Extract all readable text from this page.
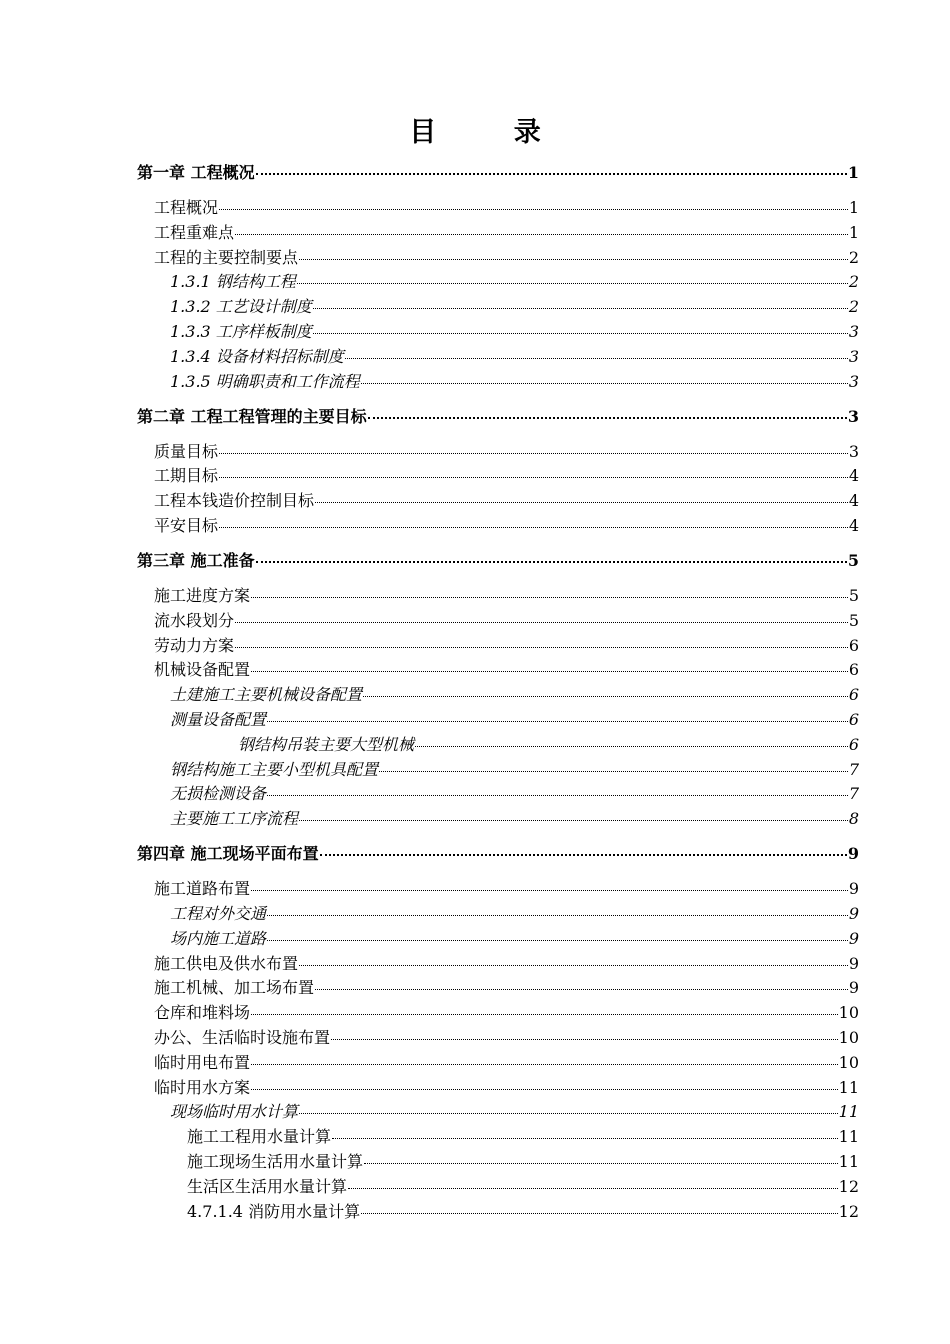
目 录
第一章 工程概况	1
工程概况	1
工程重难点	1
工程的主要控制要点	2
1.3.1 钢结构工程	2
1.3.2 工艺设计制度	2
1.3.3 工序样板制度	3
1.3.4 设备材料招标制度	3
1.3.5 明确职责和工作流程	3
第二章 工程工程管理的主要目标	3
质量目标	3
工期目标	4
工程本钱造价控制目标	4
平安目标	4
第三章 施工准备	5
施工进度方案	5
流水段划分	5
劳动力方案	6
机械设备配置	6
土建施工主要机械设备配置	6
测量设备配置	6
钢结构吊装主要大型机械	6
钢结构施工主要小型机具配置	7
无损检测设备	7
主要施工工序流程	8
第四章 施工现场平面布置	9
施工道路布置	9
工程对外交通	9
场内施工道路	9
施工供电及供水布置	9
施工机械、加工场布置	9
仓库和堆料场	10
办公、生活临时设施布置	10
临时用电布置	10
临时用水方案	11
现场临时用水计算	11
施工工程用水量计算	11
施工现场生活用水量计算	11
生活区生活用水量计算	12
4.7.1.4 消防用水量计算	12
